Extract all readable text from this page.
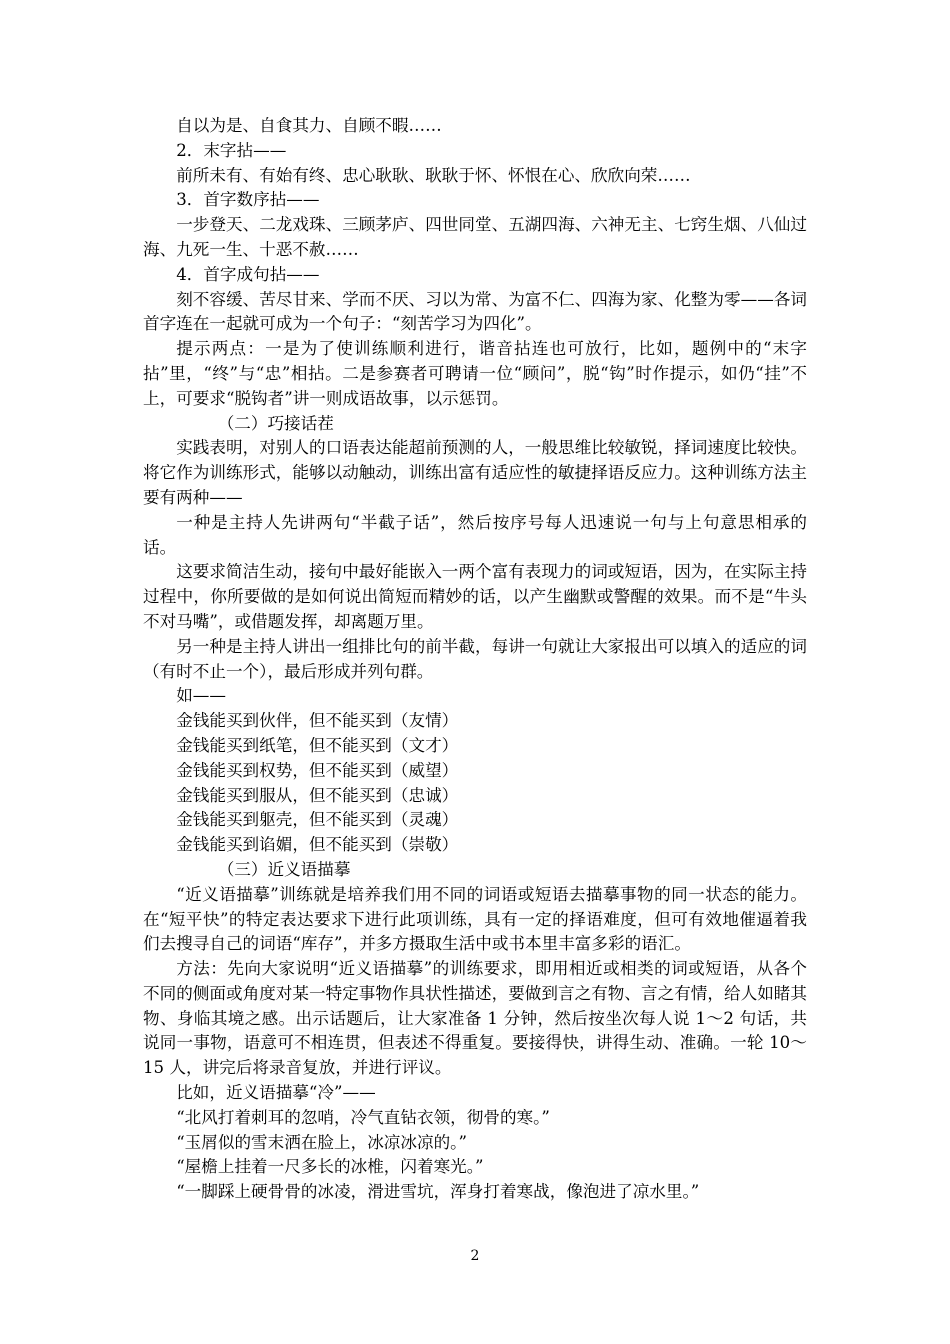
自以为是、自食其力、自顾不暇……

2．末字拈——

前所未有、有始有终、忠心耿耿、耿耿于怀、怀恨在心、欣欣向荣……

3．首字数序拈——

一步登天、二龙戏珠、三顾茅庐、四世同堂、五湖四海、六神无主、七窍生烟、八仙过海、九死一生、十恶不赦……

4．首字成句拈——

刻不容缓、苦尽甘来、学而不厌、习以为常、为富不仁、四海为家、化整为零——各词首字连在一起就可成为一个句子：“刻苦学习为四化”。

提示两点：一是为了使训练顺利进行，谐音拈连也可放行，比如，题例中的“末字拈”里，“终”与“忠”相拈。二是参赛者可聘请一位“顾问”，脱“钩”时作提示，如仍“挂”不上，可要求“脱钩者”讲一则成语故事，以示惩罚。

（二）巧接话茬

实践表明，对别人的口语表达能超前预测的人，一般思维比较敏锐，择词速度比较快。将它作为训练形式，能够以动触动，训练出富有适应性的敏捷择语反应力。这种训练方法主要有两种——

一种是主持人先讲两句“半截子话”，然后按序号每人迅速说一句与上句意思相承的话。

这要求简洁生动，接句中最好能嵌入一两个富有表现力的词或短语，因为，在实际主持过程中，你所要做的是如何说出简短而精妙的话，以产生幽默或警醒的效果。而不是“牛头不对马嘴”，或借题发挥，却离题万里。

另一种是主持人讲出一组排比句的前半截，每讲一句就让大家报出可以填入的适应的词（有时不止一个），最后形成并列句群。

如——

金钱能买到伙伴，但不能买到（友情）

金钱能买到纸笔，但不能买到（文才）

金钱能买到权势，但不能买到（威望）

金钱能买到服从，但不能买到（忠诚）

金钱能买到躯壳，但不能买到（灵魂）

金钱能买到谄媚，但不能买到（崇敬）

（三）近义语描摹

“近义语描摹”训练就是培养我们用不同的词语或短语去描摹事物的同一状态的能力。在“短平快”的特定表达要求下进行此项训练，具有一定的择语难度，但可有效地催逼着我们去搜寻自己的词语“库存”，并多方摄取生活中或书本里丰富多彩的语汇。

方法：先向大家说明“近义语描摹”的训练要求，即用相近或相类的词或短语，从各个不同的侧面或角度对某一特定事物作具状性描述，要做到言之有物、言之有情，给人如睹其物、身临其境之感。出示话题后，让大家准备 1 分钟，然后按坐次每人说 1～2 句话，共说同一事物，语意可不相连贯，但表述不得重复。要接得快，讲得生动、准确。一轮 10～15 人，讲完后将录音复放，并进行评议。

比如，近义语描摹“冷”——

“北风打着刺耳的忽哨，冷气直钻衣领，彻骨的寒。”

“玉屑似的雪末洒在脸上，冰凉冰凉的。”

“屋檐上挂着一尺多长的冰椎，闪着寒光。”

“一脚踩上硬骨骨的冰凌，滑进雪坑，浑身打着寒战，像泡进了凉水里。”

2
